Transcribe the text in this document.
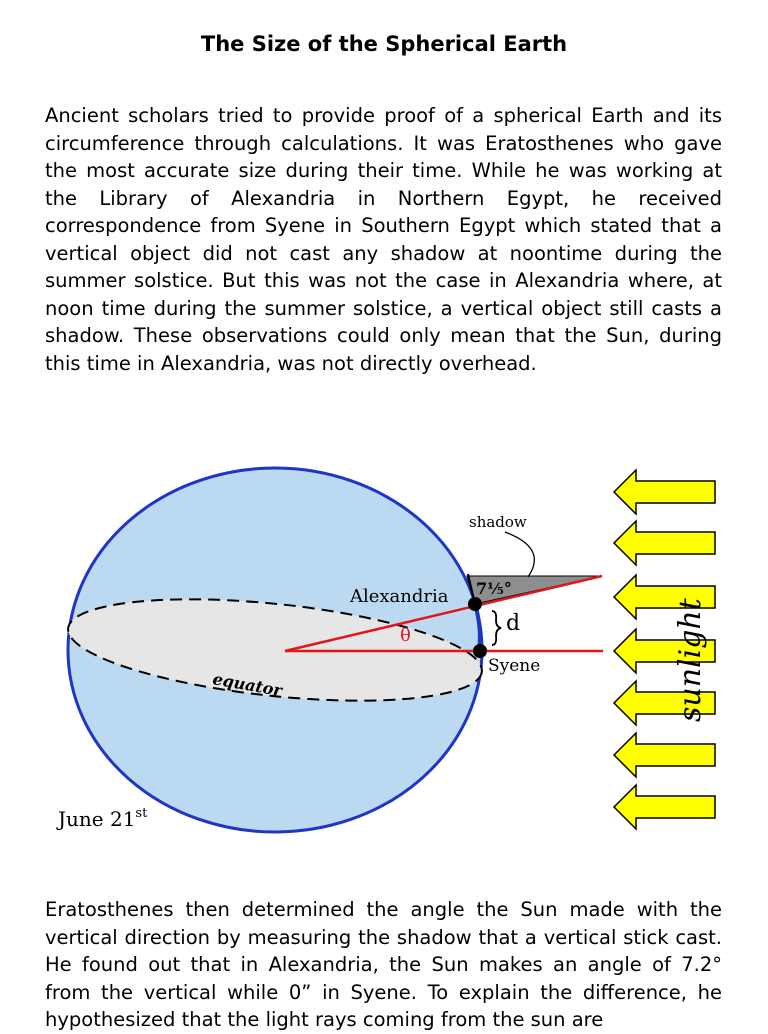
The Size of the Spherical Earth

Ancient scholars tried to provide proof of a spherical Earth and its circumference through calculations. It was Eratosthenes who gave the most accurate size during their time. While he was working at the Library of Alexandria in Northern Egypt, he received correspondence from Syene in Southern Egypt which stated that a vertical object did not cast any shadow at noontime during the summer solstice. But this was not the case in Alexandria where, at noon time during the summer solstice, a vertical object still casts a shadow. These observations could only mean that the Sun, during this time in Alexandria, was not directly overhead.

shadow
Alexandria 7⅕°
d
θ
Syene
equator
June 21st
sunlight

Eratosthenes then determined the angle the Sun made with the vertical direction by measuring the shadow that a vertical stick cast. He found out that in Alexandria, the Sun makes an angle of 7.2° from the vertical while 0” in Syene. To explain the difference, he hypothesized that the light rays coming from the sun are
